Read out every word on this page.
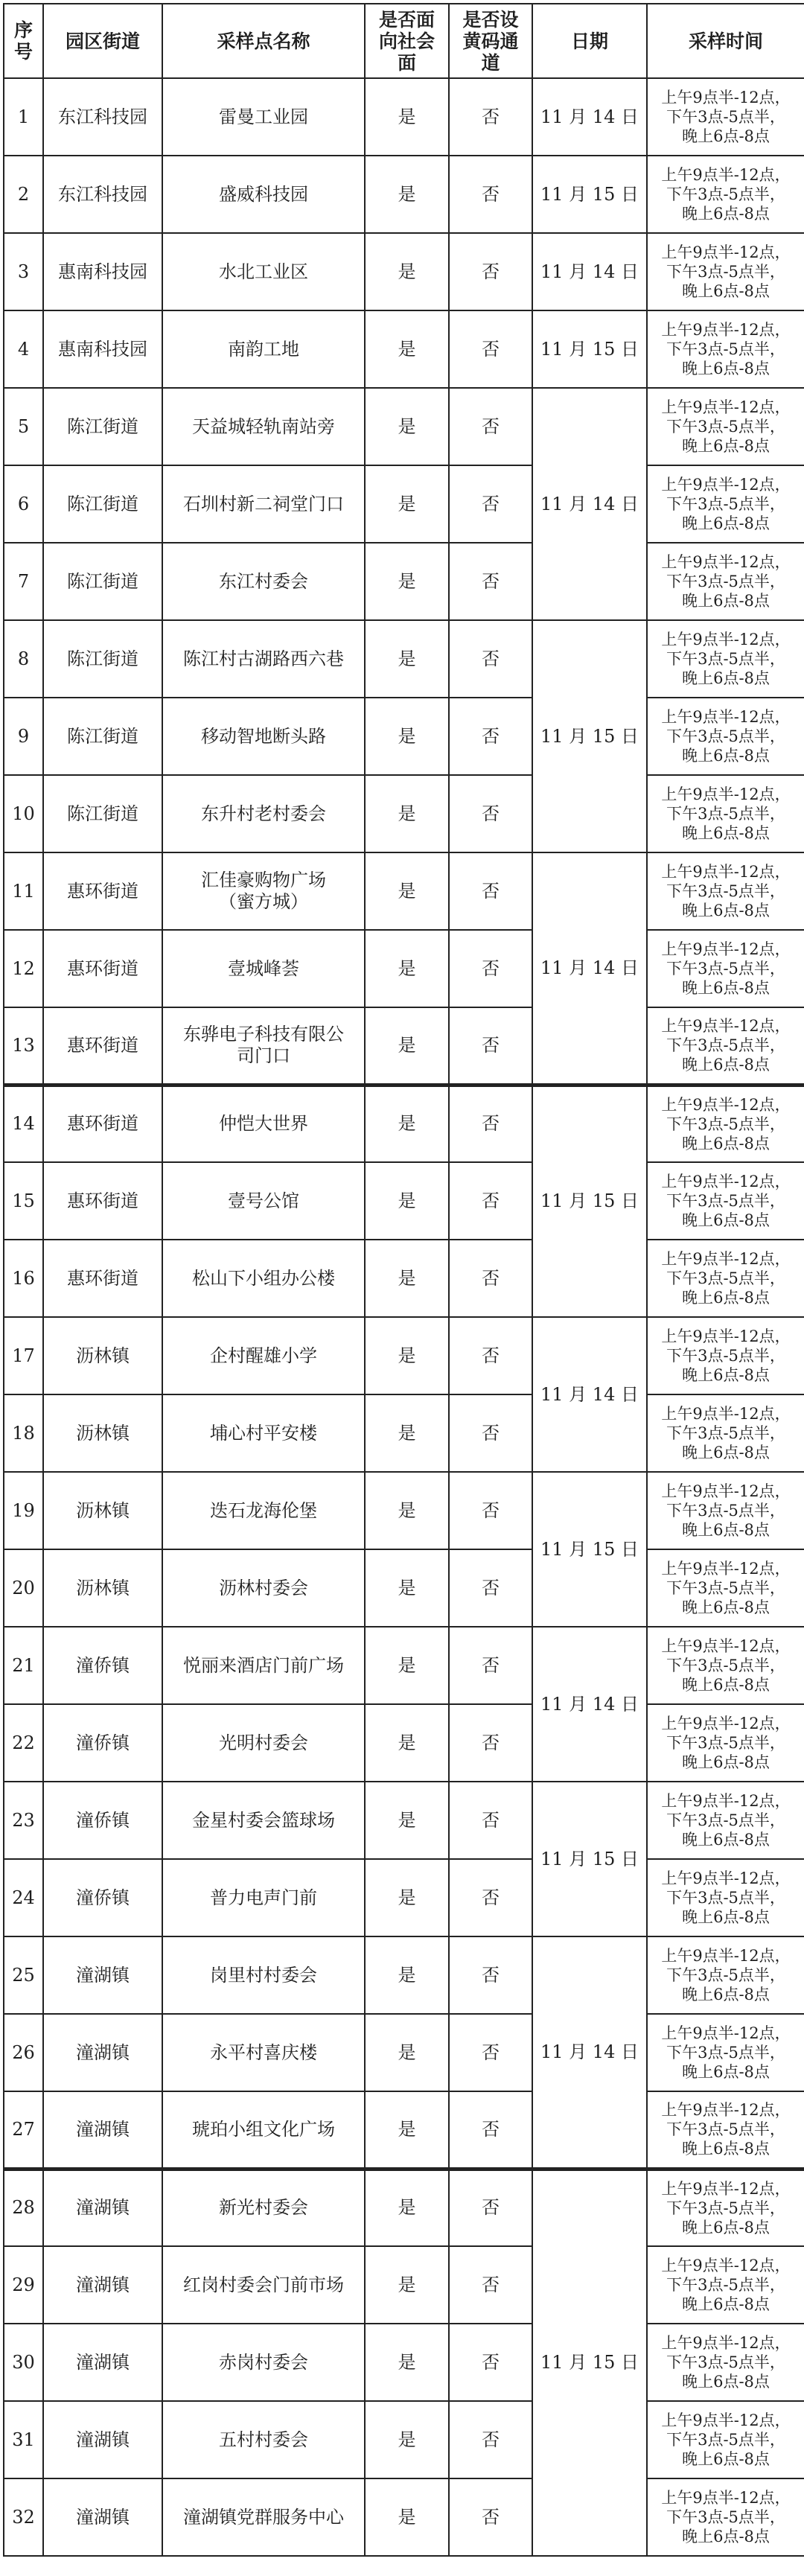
序
号	园区街道	采样点名称	是否面
向社会
面	是否设
黄码通
道	日期	采样时间
1	东江科技园	雷曼工业园	是	否	11 月 14 日	上午9点半-12点，
下午3点-5点半，
晚上6点-8点

2	东江科技园	盛威科技园	是	否	11 月 15 日	上午9点半-12点，
下午3点-5点半，
晚上6点-8点

3	惠南科技园	水北工业区	是	否	11 月 14 日	上午9点半-12点，
下午3点-5点半，
晚上6点-8点

4	惠南科技园	南韵工地	是	否	11 月 15 日	上午9点半-12点，
下午3点-5点半，
晚上6点-8点

5	陈江街道	天益城轻轨南站旁	是	否	11 月 14 日	上午9点半-12点，
下午3点-5点半，
晚上6点-8点

6	陈江街道	石圳村新二祠堂门口	是	否		上午9点半-12点，
下午3点-5点半，
晚上6点-8点

7	陈江街道	东江村委会	是	否		上午9点半-12点，
下午3点-5点半，
晚上6点-8点

8	陈江街道	陈江村古湖路西六巷	是	否	11 月 15 日	上午9点半-12点，
下午3点-5点半，
晚上6点-8点

9	陈江街道	移动智地断头路	是	否		上午9点半-12点，
下午3点-5点半，
晚上6点-8点

10	陈江街道	东升村老村委会	是	否		上午9点半-12点，
下午3点-5点半，
晚上6点-8点

11	惠环街道	汇佳豪购物广场
（蜜方城）	是	否	11 月 14 日	上午9点半-12点，
下午3点-5点半，
晚上6点-8点

12	惠环街道	壹城峰荟	是	否		上午9点半-12点，
下午3点-5点半，
晚上6点-8点

13	惠环街道	东骅电子科技有限公
司门口	是	否		上午9点半-12点，
下午3点-5点半，
晚上6点-8点

14	惠环街道	仲恺大世界	是	否	11 月 15 日	上午9点半-12点，
下午3点-5点半，
晚上6点-8点

15	惠环街道	壹号公馆	是	否		上午9点半-12点，
下午3点-5点半，
晚上6点-8点

16	惠环街道	松山下小组办公楼	是	否		上午9点半-12点，
下午3点-5点半，
晚上6点-8点

17	沥林镇	企村醒雄小学	是	否	11 月 14 日	上午9点半-12点，
下午3点-5点半，
晚上6点-8点

18	沥林镇	埔心村平安楼	是	否		上午9点半-12点，
下午3点-5点半，
晚上6点-8点

19	沥林镇	迭石龙海伦堡	是	否	11 月 15 日	上午9点半-12点，
下午3点-5点半，
晚上6点-8点

20	沥林镇	沥林村委会	是	否		上午9点半-12点，
下午3点-5点半，
晚上6点-8点

21	潼侨镇	悦丽来酒店门前广场	是	否	11 月 14 日	上午9点半-12点，
下午3点-5点半，
晚上6点-8点

22	潼侨镇	光明村委会	是	否		上午9点半-12点，
下午3点-5点半，
晚上6点-8点

23	潼侨镇	金星村委会篮球场	是	否	11 月 15 日	上午9点半-12点，
下午3点-5点半，
晚上6点-8点

24	潼侨镇	普力电声门前	是	否		上午9点半-12点，
下午3点-5点半，
晚上6点-8点

25	潼湖镇	岗里村村委会	是	否	11 月 14 日	上午9点半-12点，
下午3点-5点半，
晚上6点-8点

26	潼湖镇	永平村喜庆楼	是	否		上午9点半-12点，
下午3点-5点半，
晚上6点-8点

27	潼湖镇	琥珀小组文化广场	是	否		上午9点半-12点，
下午3点-5点半，
晚上6点-8点

28	潼湖镇	新光村委会	是	否	11 月 15 日	上午9点半-12点，
下午3点-5点半，
晚上6点-8点

29	潼湖镇	红岗村委会门前市场	是	否		上午9点半-12点，
下午3点-5点半，
晚上6点-8点

30	潼湖镇	赤岗村委会	是	否		上午9点半-12点，
下午3点-5点半，
晚上6点-8点

31	潼湖镇	五村村委会	是	否		上午9点半-12点，
下午3点-5点半，
晚上6点-8点

32	潼湖镇	潼湖镇党群服务中心	是	否		上午9点半-12点，
下午3点-5点半，
晚上6点-8点
